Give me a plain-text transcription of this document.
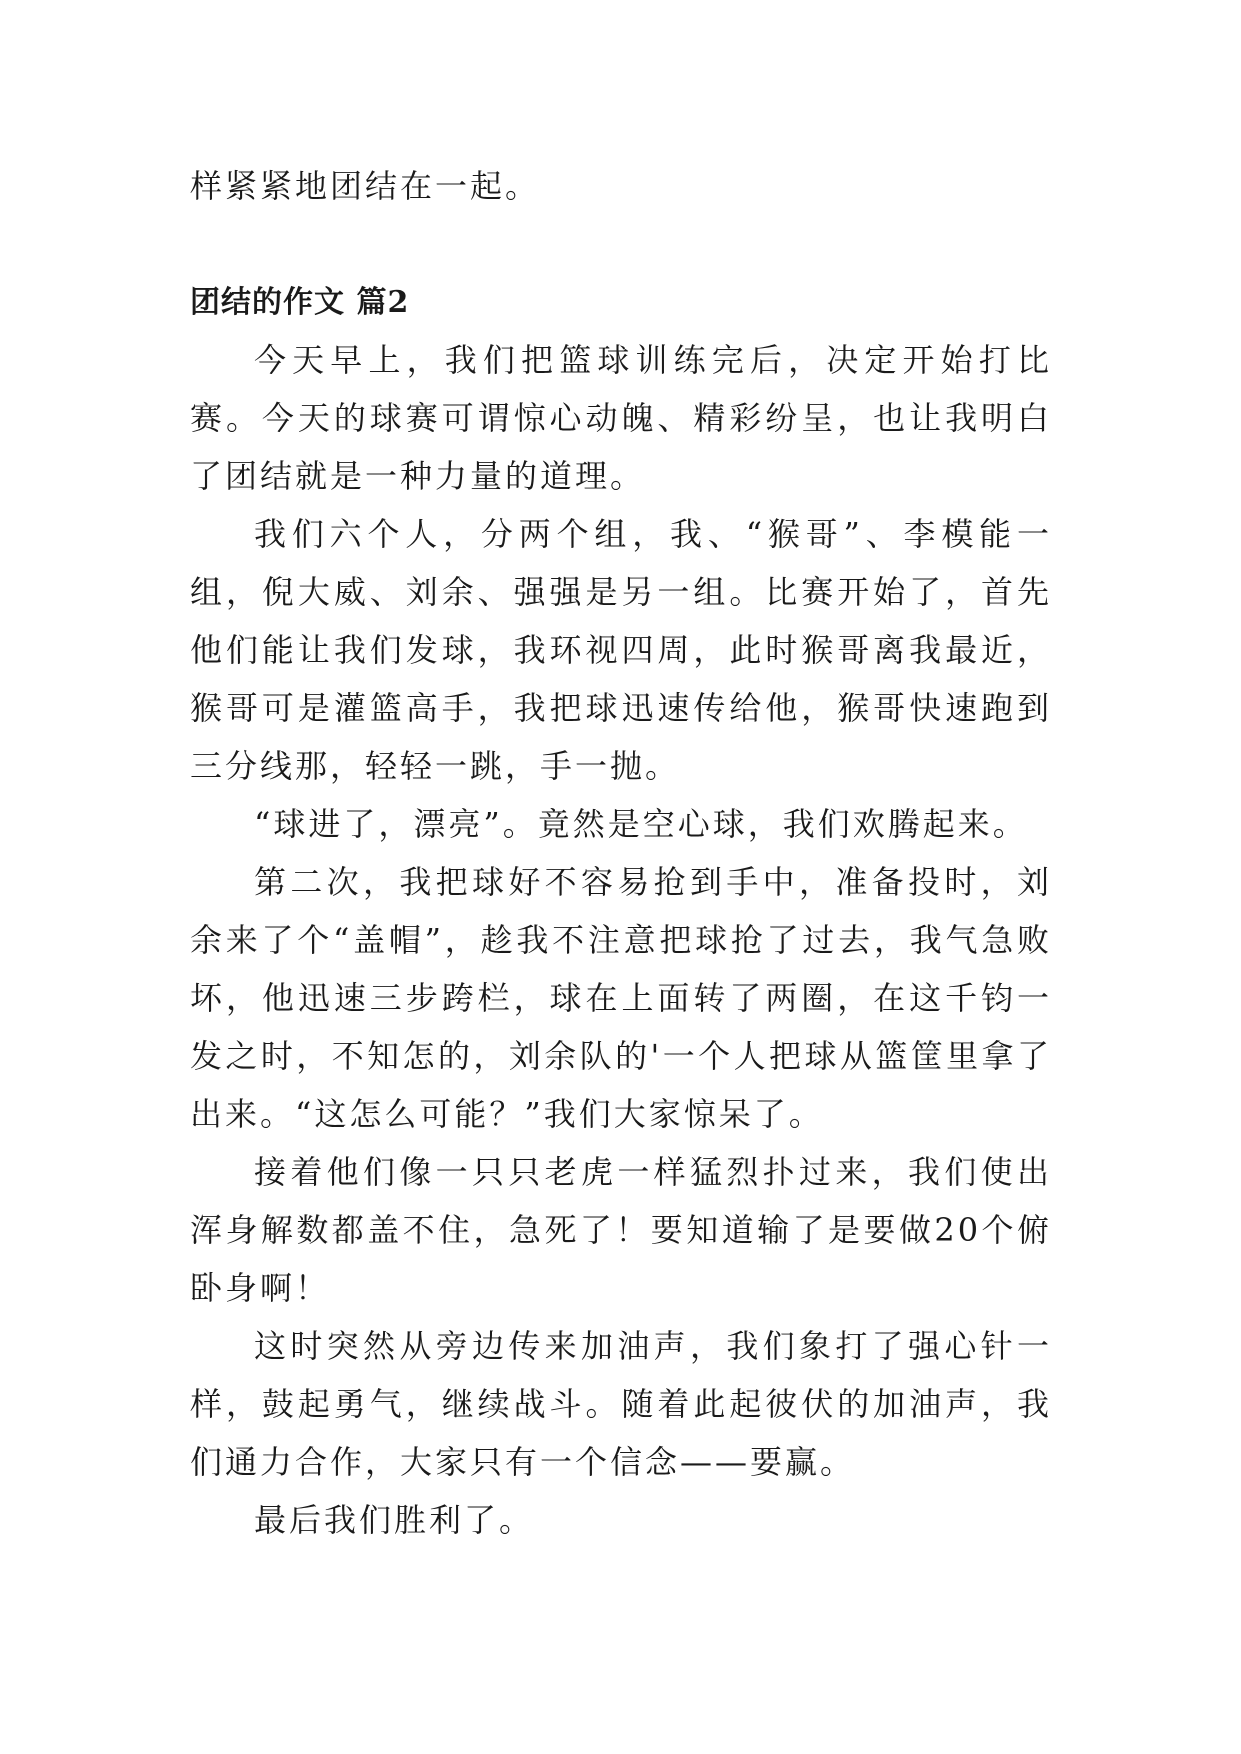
样紧紧地团结在一起。

团结的作文 篇2

今天早上，我们把篮球训练完后，决定开始打比赛。今天的球赛可谓惊心动魄、精彩纷呈，也让我明白了团结就是一种力量的道理。

我们六个人，分两个组，我、“猴哥”、李模能一组，倪大威、刘余、强强是另一组。比赛开始了，首先他们能让我们发球，我环视四周，此时猴哥离我最近，猴哥可是灌篮高手，我把球迅速传给他，猴哥快速跑到三分线那，轻轻一跳，手一抛。

“球进了，漂亮”。竟然是空心球，我们欢腾起来。

第二次，我把球好不容易抢到手中，准备投时，刘余来了个“盖帽”，趁我不注意把球抢了过去，我气急败坏，他迅速三步跨栏，球在上面转了两圈，在这千钧一发之时，不知怎的，刘余队的'一个人把球从篮筐里拿了出来。“这怎么可能？”我们大家惊呆了。

接着他们像一只只老虎一样猛烈扑过来，我们使出浑身解数都盖不住，急死了！要知道输了是要做20个俯卧身啊！

这时突然从旁边传来加油声，我们象打了强心针一样，鼓起勇气，继续战斗。随着此起彼伏的加油声，我们通力合作，大家只有一个信念——要赢。

最后我们胜利了。
